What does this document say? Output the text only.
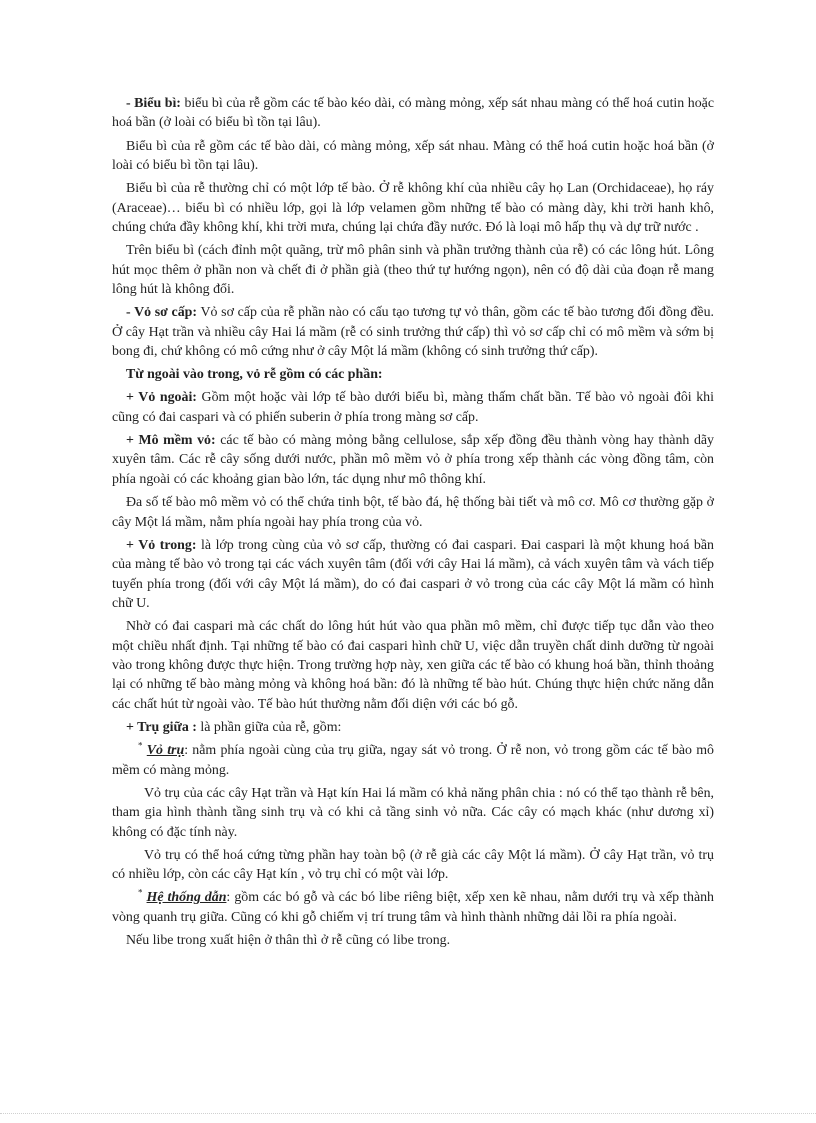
- Biểu bì: biểu bì của rễ gồm các tế bào kéo dài, có màng mỏng, xếp sát nhau màng có thể hoá cutin hoặc hoá bần (ở loài có biểu bì tồn tại lâu).

Biểu bì của rễ gồm các tế bào dài, có màng mỏng, xếp sát nhau. Màng có thể hoá cutin hoặc hoá bần (ở loài có biểu bì tồn tại lâu).

Biểu bì của rễ thường chỉ có một lớp tế bào. Ở rễ không khí của nhiều cây họ Lan (Orchidaceae), họ ráy (Araceae)… biểu bì có nhiều lớp, gọi là lớp velamen gồm những tế bào có màng dày, khi trời hanh khô, chúng chứa đầy không khí, khi trời mưa, chúng lại chứa đầy nước. Đó là loại mô hấp thụ và dự trữ nước .

Trên biểu bì (cách đỉnh một quãng, trừ mô phân sinh và phần trưởng thành của rễ) có các lông hút. Lông hút mọc thêm ở phần non và chết đi ở phần già (theo thứ tự hướng ngọn), nên có độ dài của đoạn rễ mang lông hút là không đổi.

- Vỏ sơ cấp: Vỏ sơ cấp của rễ phần nào có cấu tạo tương tự vỏ thân, gồm các tế bào tương đối đồng đều. Ở cây Hạt trần và nhiều cây Hai lá mầm (rễ có sinh trưởng thứ cấp) thì vỏ sơ cấp chỉ có mô mềm và sớm bị bong đi, chứ không có mô cứng như ở cây Một lá mầm (không có sinh trưởng thứ cấp).

Từ ngoài vào trong, vỏ rễ gồm có các phần:

+ Vỏ ngoài: Gồm một hoặc vài lớp tế bào dưới biểu bì, màng thấm chất bần. Tế bào vỏ ngoài đôi khi cũng có đai caspari và có phiến suberin ở phía trong màng sơ cấp.

+ Mô mềm vỏ: các tế bào có màng mỏng bằng cellulose, sắp xếp đồng đều thành vòng hay thành dãy xuyên tâm. Các rễ cây sống dưới nước, phần mô mềm vỏ ở phía trong xếp thành các vòng đồng tâm, còn phía ngoài có các khoảng gian bào lớn, tác dụng như mô thông khí.

Đa số tế bào mô mềm vỏ có thể chứa tinh bột, tế bào đá, hệ thống bài tiết và mô cơ. Mô cơ thường gặp ở cây Một lá mầm, nằm phía ngoài hay phía trong của vỏ.

+ Vỏ trong: là lớp trong cùng của vỏ sơ cấp, thường có đai caspari. Đai caspari là một khung hoá bần của màng tế bào vỏ trong tại các vách xuyên tâm (đối với cây Hai lá mầm), cả vách xuyên tâm và vách tiếp tuyến phía trong (đối với cây Một lá mầm), do có đai caspari ở vỏ trong của các cây Một lá mầm có hình chữ U.

Nhờ có đai caspari mà các chất do lông hút hút vào qua phần mô mềm, chỉ được tiếp tục dẫn vào theo một chiều nhất định. Tại những tế bào có đai caspari hình chữ U, việc dẫn truyền chất dinh dưỡng từ ngoài vào trong không được thực hiện. Trong trường hợp này, xen giữa các tế bào có khung hoá bần, thỉnh thoảng lại có những tế bào màng mỏng và không hoá bần: đó là những tế bào hút. Chúng thực hiện chức năng dẫn các chất hút từ ngoài vào. Tế bào hút thường nằm đối diện với các bó gỗ.

+ Trụ giữa : là phần giữa của rễ, gồm:

* Vỏ trụ: nằm phía ngoài cùng của trụ giữa, ngay sát vỏ trong. Ở rễ non, vỏ trong gồm các tế bào mô mềm có màng mỏng.

Vỏ trụ của các cây Hạt trần và Hạt kín Hai lá mầm có khả năng phân chia : nó có thể tạo thành rễ bên, tham gia hình thành tầng sinh trụ và có khi cả tầng sinh vỏ nữa. Các cây có mạch khác (như dương xỉ) không có đặc tính này.

Vỏ trụ có thể hoá cứng từng phần hay toàn bộ (ở rễ già các cây Một lá mầm). Ở cây Hạt trần, vỏ trụ có nhiều lớp, còn các cây Hạt kín , vỏ trụ chỉ có một vài lớp.

* Hệ thống dẫn: gồm các bó gỗ và các bó libe riêng biệt, xếp xen kẽ nhau, nằm dưới trụ và xếp thành vòng quanh trụ giữa. Cũng có khi gỗ chiếm vị trí trung tâm và hình thành những dải lồi ra phía ngoài.

Nếu libe trong xuất hiện ở thân thì ở rễ cũng có libe trong.
